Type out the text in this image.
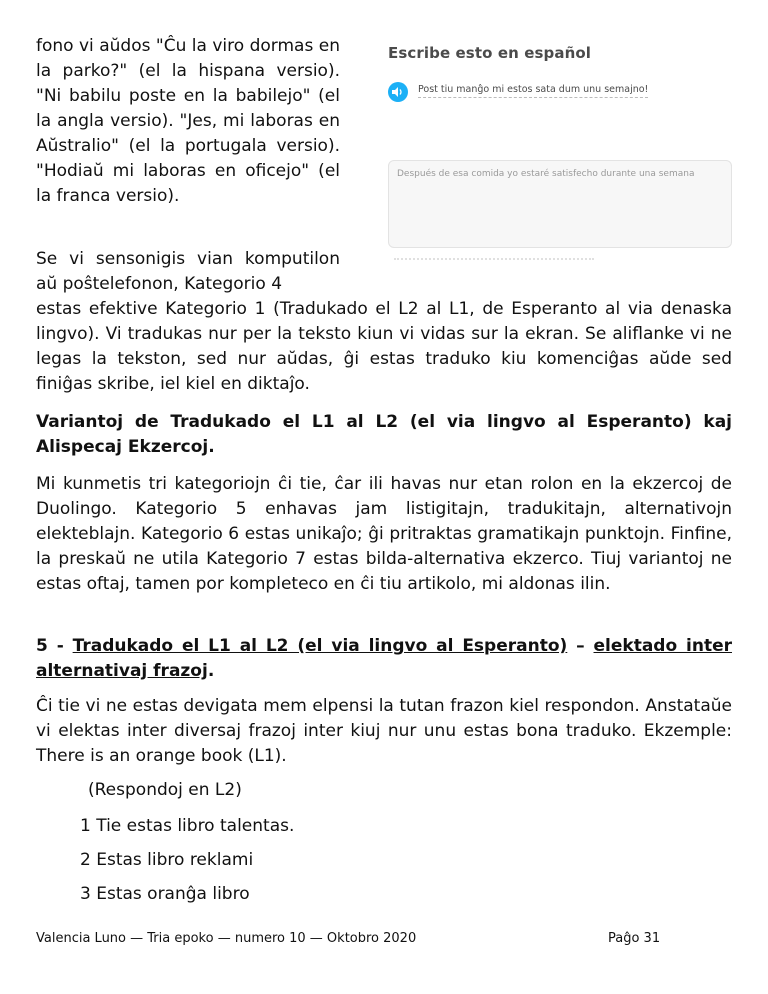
fono vi aŭdos "Ĉu la viro dormas en la parko?" (el la hispana versio). "Ni babilu poste en la babilejo" (el la angla versio). "Jes, mi laboras en Aŭstralio" (el la portugala versio). "Hodiaŭ mi laboras en oficejo" (el la franca versio).

Escribe esto en español
Post tiu manĝo mi estos sata dum unu semajno!
Después de esa comida yo estaré satisfecho durante una semana

Se vi sensonigis vian komputilon aŭ poŝtelefonon, Kategorio 4

estas efektive Kategorio 1 (Tradukado el L2 al L1, de Esperanto al via denaska lingvo). Vi tradukas nur per la teksto kiun vi vidas sur la ekran. Se aliflanke vi ne legas la tekston, sed nur aŭdas, ĝi estas traduko kiu komenciĝas aŭde sed finiĝas skribe, iel kiel en diktaĵo.

Variantoj de Tradukado el L1 al L2 (el via lingvo al Esperanto) kaj Alispecaj Ekzercoj.

Mi kunmetis tri kategoriojn ĉi tie, ĉar ili havas nur etan rolon en la ekzercoj de Duolingo. Kategorio 5 enhavas jam listigitajn, tradukitajn, alternativojn elekteblajn. Kategorio 6 estas unikaĵo; ĝi pritraktas gramatikajn punktojn. Finfine, la preskaŭ ne utila Kategorio 7 estas bilda-alternativa ekzerco. Tiuj variantoj ne estas oftaj, tamen por kompleteco en ĉi tiu artikolo, mi aldonas ilin.

5 - Tradukado el L1 al L2 (el via lingvo al Esperanto) – elektado inter alternativaj frazoj.

Ĉi tie vi ne estas devigata mem elpensi la tutan frazon kiel respondon. Anstataŭe vi elektas inter diversaj frazoj inter kiuj nur unu estas bona traduko. Ekzemple: There is an orange book (L1).

(Respondoj en L2)

1 Tie estas libro talentas.

2 Estas libro reklami

3 Estas oranĝa libro

Valencia Luno — Tria epoko — numero 10 — Oktobro 2020	Paĝo 31
